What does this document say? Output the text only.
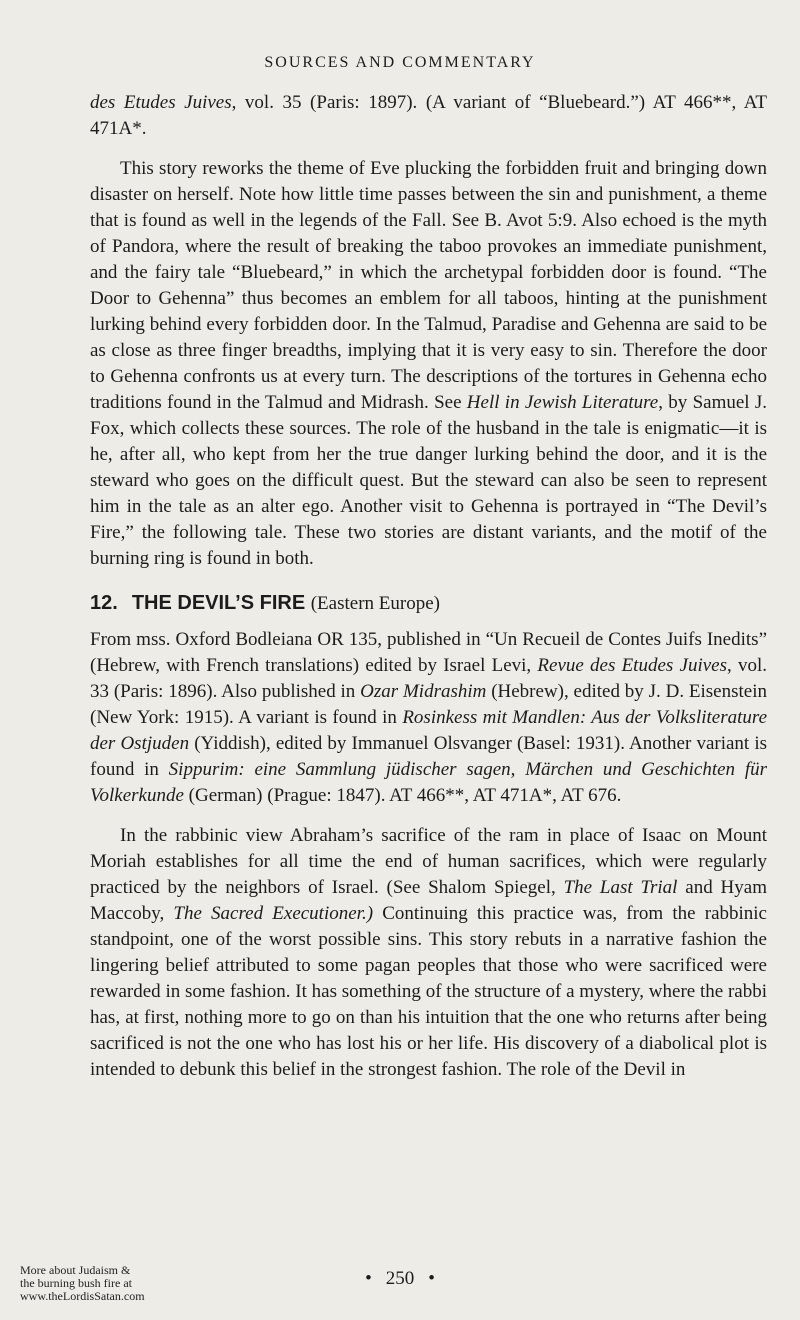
SOURCES AND COMMENTARY

des Etudes Juives, vol. 35 (Paris: 1897). (A variant of “Bluebeard.”) AT 466**, AT 471A*.

This story reworks the theme of Eve plucking the forbidden fruit and bringing down disaster on herself. Note how little time passes between the sin and punishment, a theme that is found as well in the legends of the Fall. See B. Avot 5:9. Also echoed is the myth of Pandora, where the result of breaking the taboo provokes an immediate punishment, and the fairy tale “Bluebeard,” in which the archetypal forbidden door is found. “The Door to Gehenna” thus becomes an emblem for all taboos, hinting at the punishment lurking behind every forbidden door. In the Talmud, Paradise and Gehenna are said to be as close as three finger breadths, implying that it is very easy to sin. Therefore the door to Gehenna confronts us at every turn. The descriptions of the tortures in Gehenna echo traditions found in the Talmud and Midrash. See Hell in Jewish Literature, by Samuel J. Fox, which collects these sources. The role of the husband in the tale is enigmatic—it is he, after all, who kept from her the true danger lurking behind the door, and it is the steward who goes on the difficult quest. But the steward can also be seen to represent him in the tale as an alter ego. Another visit to Gehenna is portrayed in “The Devil’s Fire,” the following tale. These two stories are distant variants, and the motif of the burning ring is found in both.

12. THE DEVIL’S FIRE (Eastern Europe)

From mss. Oxford Bodleiana OR 135, published in “Un Recueil de Contes Juifs Inedits” (Hebrew, with French translations) edited by Israel Levi, Revue des Etudes Juives, vol. 33 (Paris: 1896). Also published in Ozar Midrashim (Hebrew), edited by J. D. Eisenstein (New York: 1915). A variant is found in Rosinkess mit Mandlen: Aus der Volksliterature der Ostjuden (Yiddish), edited by Immanuel Olsvanger (Basel: 1931). Another variant is found in Sippurim: eine Sammlung jüdischer sagen, Märchen und Geschichten für Volkerkunde (German) (Prague: 1847). AT 466**, AT 471A*, AT 676.

In the rabbinic view Abraham’s sacrifice of the ram in place of Isaac on Mount Moriah establishes for all time the end of human sacrifices, which were regularly practiced by the neighbors of Israel. (See Shalom Spiegel, The Last Trial and Hyam Maccoby, The Sacred Executioner.) Continuing this practice was, from the rabbinic standpoint, one of the worst possible sins. This story rebuts in a narrative fashion the lingering belief attributed to some pagan peoples that those who were sacrificed were rewarded in some fashion. It has something of the structure of a mystery, where the rabbi has, at first, nothing more to go on than his intuition that the one who returns after being sacrificed is not the one who has lost his or her life. His discovery of a diabolical plot is intended to debunk this belief in the strongest fashion. The role of the Devil in

• 250 •
More about Judaism &
the burning bush fire at
www.theLordisSatan.com
